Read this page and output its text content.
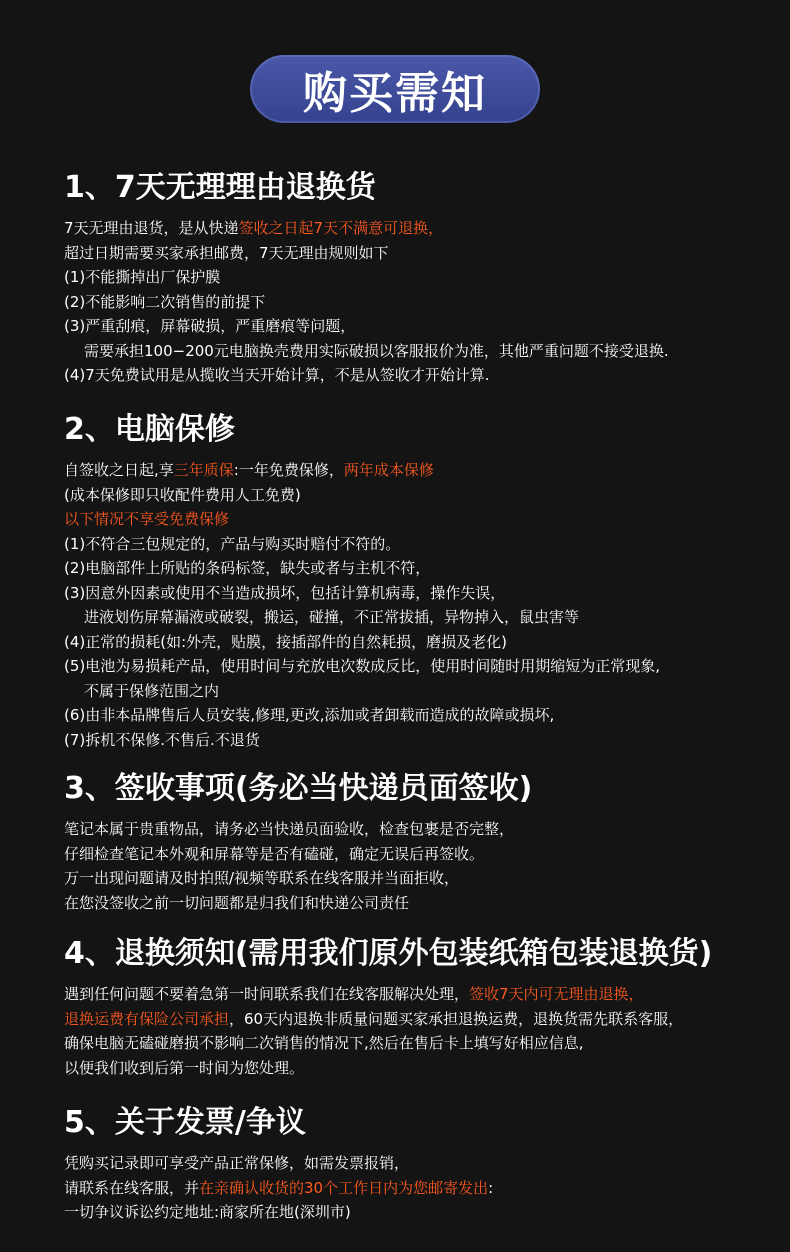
购买需知
1、7天无理理由退换货
7天无理由退货，是从快递签收之日起7天不满意可退换，
超过日期需要买家承担邮费，7天无理由规则如下
(1)不能撕掉出厂保护膜
(2)不能影响二次销售的前提下
(3)严重刮痕，屏幕破损，严重磨痕等问题，
需要承担100−200元电脑换壳费用实际破损以客服报价为准，其他严重问题不接受退换.
(4)7天免费试用是从揽收当天开始计算，不是从签收才开始计算.
2、电脑保修
自签收之日起,享三年质保:一年免费保修，两年成本保修
(成本保修即只收配件费用人工免费)
以下情况不享受免费保修
(1)不符合三包规定的，产品与购买时赔付不符的。
(2)电脑部件上所贴的条码标签，缺失或者与主机不符，
(3)因意外因素或使用不当造成损坏，包括计算机病毒，操作失误，
进液划伤屏幕漏液或破裂，搬运，碰撞，不正常拔插，异物掉入，鼠虫害等
(4)正常的损耗(如:外壳，贴膜，接插部件的自然耗损，磨损及老化)
(5)电池为易损耗产品，使用时间与充放电次数成反比，使用时间随时用期缩短为正常现象,
不属于保修范围之内
(6)由非本品牌售后人员安装,修理,更改,添加或者卸载而造成的故障或损坏,
(7)拆机不保修.不售后.不退货
3、签收事项(务必当快递员面签收)
笔记本属于贵重物品，请务必当快递员面验收，检查包裹是否完整，
仔细检查笔记本外观和屏幕等是否有磕碰，确定无误后再签收。
万一出现问题请及时拍照/视频等联系在线客服并当面拒收，
在您没签收之前一切问题都是归我们和快递公司责任
4、退换须知(需用我们原外包装纸箱包装退换货)
遇到任何问题不要着急第一时间联系我们在线客服解决处理，签收7天内可无理由退换，
退换运费有保险公司承担，60天内退换非质量问题买家承担退换运费，退换货需先联系客服，
确保电脑无磕碰磨损不影响二次销售的情况下,然后在售后卡上填写好相应信息,
以便我们收到后第一时间为您处理。
5、关于发票/争议
凭购买记录即可享受产品正常保修，如需发票报销，
请联系在线客服，并在亲确认收货的30个工作日内为您邮寄发出:
一切争议诉讼约定地址:商家所在地(深圳市)
